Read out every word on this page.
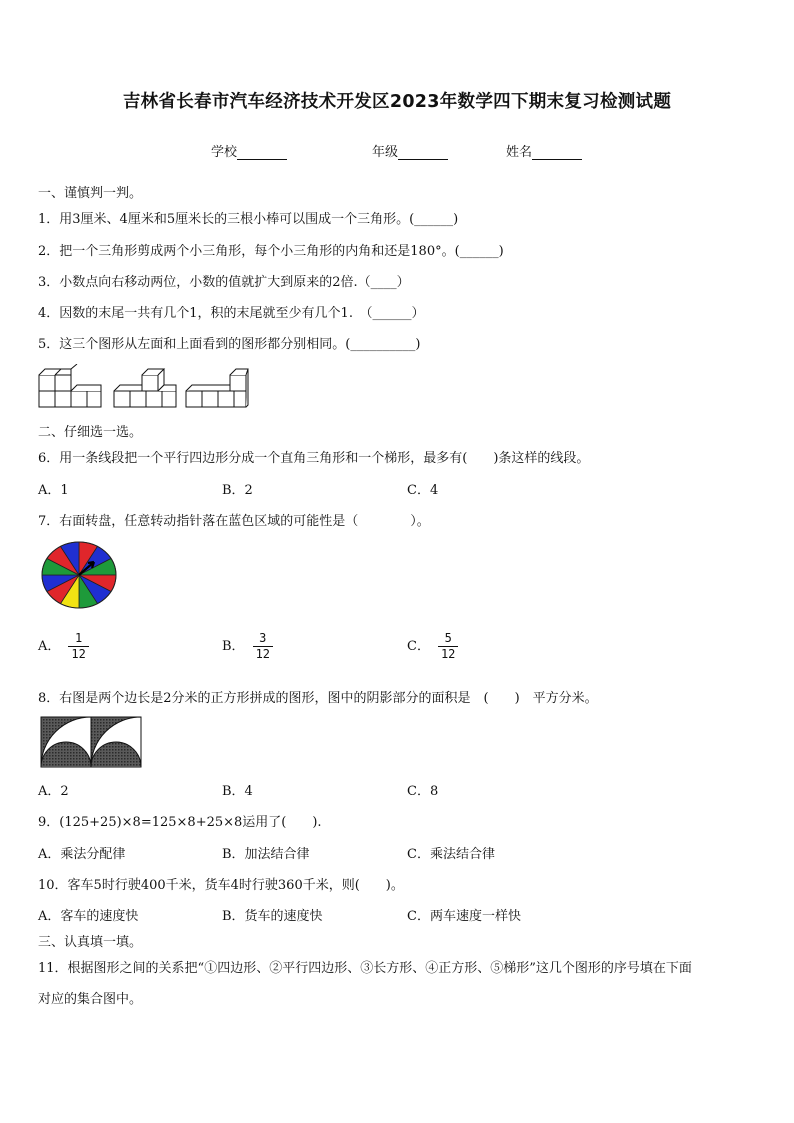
吉林省长春市汽车经济技术开发区2023年数学四下期末复习检测试题
学校	年级	姓名
一、谨慎判一判。
1．用3厘米、4厘米和5厘米长的三根小棒可以围成一个三角形。(______)
2．把一个三角形剪成两个小三角形，每个小三角形的内角和还是180°。(______)
3．小数点向右移动两位，小数的值就扩大到原来的2倍.（____）
4．因数的末尾一共有几个1，积的末尾就至少有几个1.　（______）
5．这三个图形从左面和上面看到的图形都分别相同。(__________)
二、仔细选一选。
6．用一条线段把一个平行四边形分成一个直角三角形和一个梯形，最多有(　　)条这样的线段。
A．1	B．2	C．4
7．右面转盘，任意转动指针落在蓝色区域的可能性是（　　　　）。
A． $\frac{1}{12}$	B． $\frac{3}{12}$	C． $\frac{5}{12}$
8．右图是两个边长是2分米的正方形拼成的图形，图中的阴影部分的面积是　(　　)　平方分米。
A．2	B．4	C．8
9．(125+25)×8=125×8+25×8运用了(　　).
A．乘法分配律	B．加法结合律	C．乘法结合律
10．客车5时行驶400千米，货车4时行驶360千米，则(　　)。
A．客车的速度快	B．货车的速度快	C．两车速度一样快
三、认真填一填。
11．根据图形之间的关系把“①四边形、②平行四边形、③长方形、④正方形、⑤梯形”这几个图形的序号填在下面
对应的集合图中。
